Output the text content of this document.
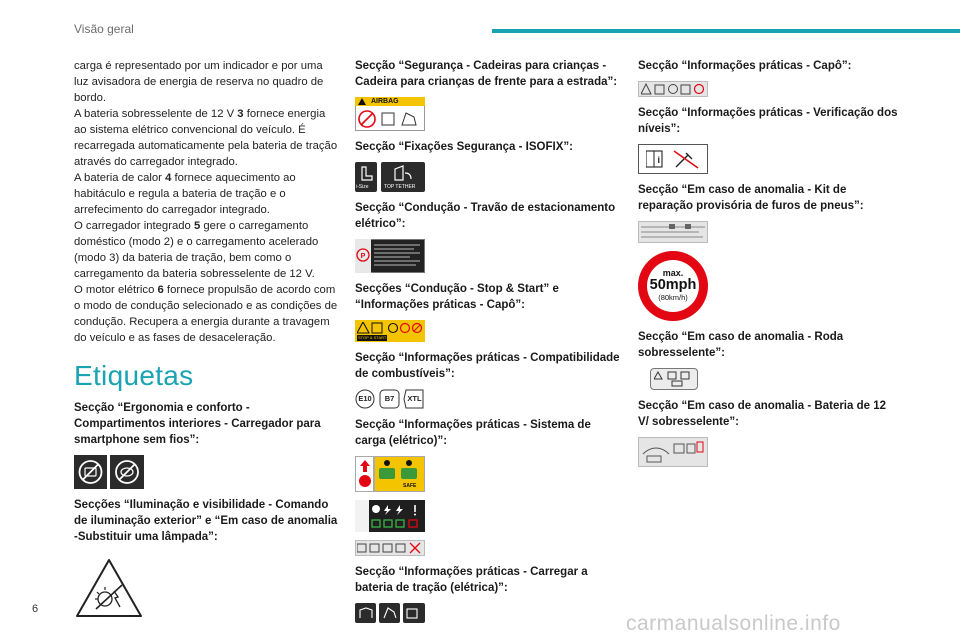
Visão geral

carga é representado por um indicador e por uma luz avisadora de energia de reserva no quadro de bordo.

A bateria sobresselente de 12 V 3 fornece energia ao sistema elétrico convencional do veículo. É recarregada automaticamente pela bateria de tração através do carregador integrado.

A bateria de calor 4 fornece aquecimento ao habitáculo e regula a bateria de tração e o arrefecimento do carregador integrado.

O carregador integrado 5 gere o carregamento doméstico (modo 2) e o carregamento acelerado (modo 3) da bateria de tração, bem como o carregamento da bateria sobresselente de 12 V.

O motor elétrico 6 fornece propulsão de acordo com o modo de condução selecionado e as condições de condução. Recupera a energia durante a travagem do veículo e as fases de desaceleração.

Etiquetas
Secção “Ergonomia e conforto - Compartimentos interiores - Carregador para smartphone sem fios”:
Secções “Iluminação e visibilidade - Comando de iluminação exterior” e “Em caso de anomalia -Substituir uma lâmpada”:
Secção “Segurança - Cadeiras para crianças - Cadeira para crianças de frente para a estrada”:
AIRBAG
Secção “Fixações Segurança - ISOFIX”:
i-Size	TOP TETHER
Secção “Condução - Travão de estacionamento elétrico”:
P
Secções “Condução - Stop & Start” e “Informações práticas - Capô”:
STOP & START SYSTEM
Secção “Informações práticas - Compatibilidade de combustíveis”:
E10	B7	XTL
Secção “Informações práticas - Sistema de carga (elétrico)”:
SAFE
Secção “Informações práticas - Carregar a bateria de tração (elétrica)”:
Secção “Informações práticas - Capô”:
Secção “Informações práticas - Verificação dos níveis”:
i
Secção “Em caso de anomalia - Kit de reparação provisória de furos de pneus”:
max.
50mph
(80km/h)
Secção “Em caso de anomalia - Roda sobresselente”:
Secção “Em caso de anomalia - Bateria de 12 V/ sobresselente”:
6
carmanualsonline.info
